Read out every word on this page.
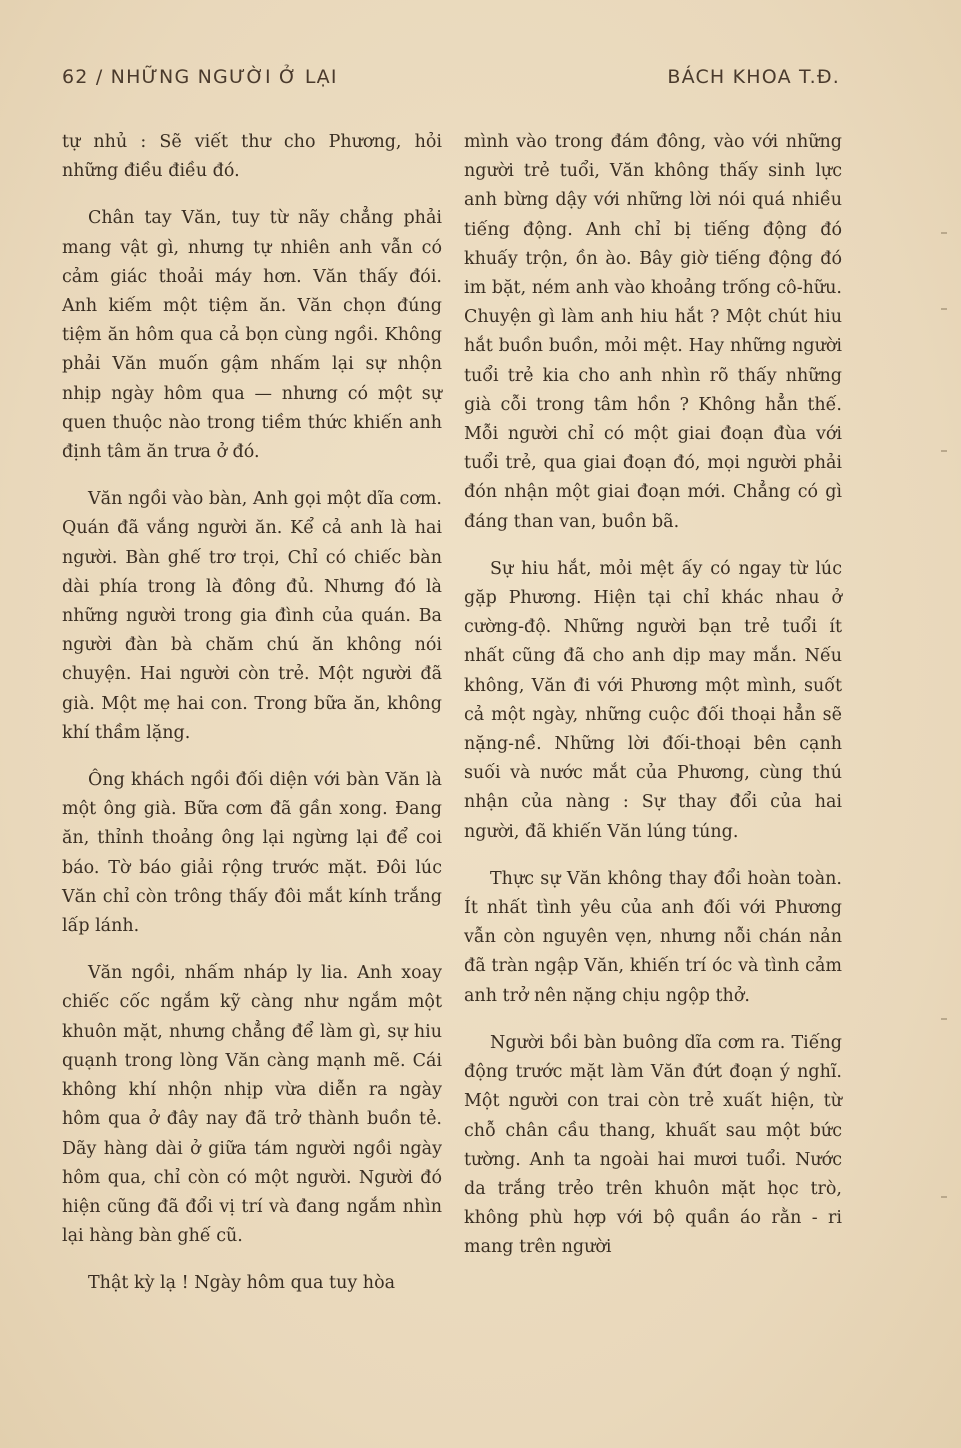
62 / NHỮNG NGƯỜI Ở LẠI	BÁCH KHOA T.Đ.

tự nhủ : Sẽ viết thư cho Phương, hỏi những điều điều đó.

Chân tay Văn, tuy từ nãy chẳng phải mang vật gì, nhưng tự nhiên anh vẫn có cảm giác thoải máy hơn. Văn thấy đói. Anh kiếm một tiệm ăn. Văn chọn đúng tiệm ăn hôm qua cả bọn cùng ngồi. Không phải Văn muốn gậm nhấm lại sự nhộn nhịp ngày hôm qua — nhưng có một sự quen thuộc nào trong tiềm thức khiến anh định tâm ăn trưa ở đó.

Văn ngồi vào bàn, Anh gọi một dĩa cơm. Quán đã vắng người ăn. Kể cả anh là hai người. Bàn ghế trơ trọi, Chỉ có chiếc bàn dài phía trong là đông đủ. Nhưng đó là những người trong gia đình của quán. Ba người đàn bà chăm chú ăn không nói chuyện. Hai người còn trẻ. Một người đã già. Một mẹ hai con. Trong bữa ăn, không khí thầm lặng.

Ông khách ngồi đối diện với bàn Văn là một ông già. Bữa cơm đã gần xong. Đang ăn, thỉnh thoảng ông lại ngừng lại để coi báo. Tờ báo giải rộng trước mặt. Đôi lúc Văn chỉ còn trông thấy đôi mắt kính trắng lấp lánh.

Văn ngồi, nhấm nháp ly lia. Anh xoay chiếc cốc ngắm kỹ càng như ngắm một khuôn mặt, nhưng chẳng để làm gì, sự hiu quạnh trong lòng Văn càng mạnh mẽ. Cái không khí nhộn nhịp vừa diễn ra ngày hôm qua ở đây nay đã trở thành buồn tẻ. Dãy hàng dài ở giữa tám người ngồi ngày hôm qua, chỉ còn có một người. Người đó hiện cũng đã đổi vị trí và đang ngắm nhìn lại hàng bàn ghế cũ.

Thật kỳ lạ ! Ngày hôm qua tuy hòa

mình vào trong đám đông, vào với những người trẻ tuổi, Văn không thấy sinh lực anh bừng dậy với những lời nói quá nhiều tiếng động. Anh chỉ bị tiếng động đó khuấy trộn, ồn ào. Bây giờ tiếng động đó im bặt, ném anh vào khoảng trống cô-hữu. Chuyện gì làm anh hiu hắt ? Một chút hiu hắt buồn buồn, mỏi mệt. Hay những người tuổi trẻ kia cho anh nhìn rõ thấy những già cỗi trong tâm hồn ? Không hẳn thế. Mỗi người chỉ có một giai đoạn đùa với tuổi trẻ, qua giai đoạn đó, mọi người phải đón nhận một giai đoạn mới. Chẳng có gì đáng than van, buồn bã.

Sự hiu hắt, mỏi mệt ấy có ngay từ lúc gặp Phương. Hiện tại chỉ khác nhau ở cường-độ. Những người bạn trẻ tuổi ít nhất cũng đã cho anh dịp may mắn. Nếu không, Văn đi với Phương một mình, suốt cả một ngày, những cuộc đối thoại hẳn sẽ nặng-nề. Những lời đối-thoại bên cạnh suối và nước mắt của Phương, cùng thú nhận của nàng : Sự thay đổi của hai người, đã khiến Văn lúng túng.

Thực sự Văn không thay đổi hoàn toàn. Ít nhất tình yêu của anh đối với Phương vẫn còn nguyên vẹn, nhưng nỗi chán nản đã tràn ngập Văn, khiến trí óc và tình cảm anh trở nên nặng chịu ngộp thở.

Người bồi bàn buông dĩa cơm ra. Tiếng động trước mặt làm Văn đứt đoạn ý nghĩ. Một người con trai còn trẻ xuất hiện, từ chỗ chân cầu thang, khuất sau một bức tường. Anh ta ngoài hai mươi tuổi. Nước da trắng trẻo trên khuôn mặt học trò, không phù hợp với bộ quần áo rằn - ri mang trên người
